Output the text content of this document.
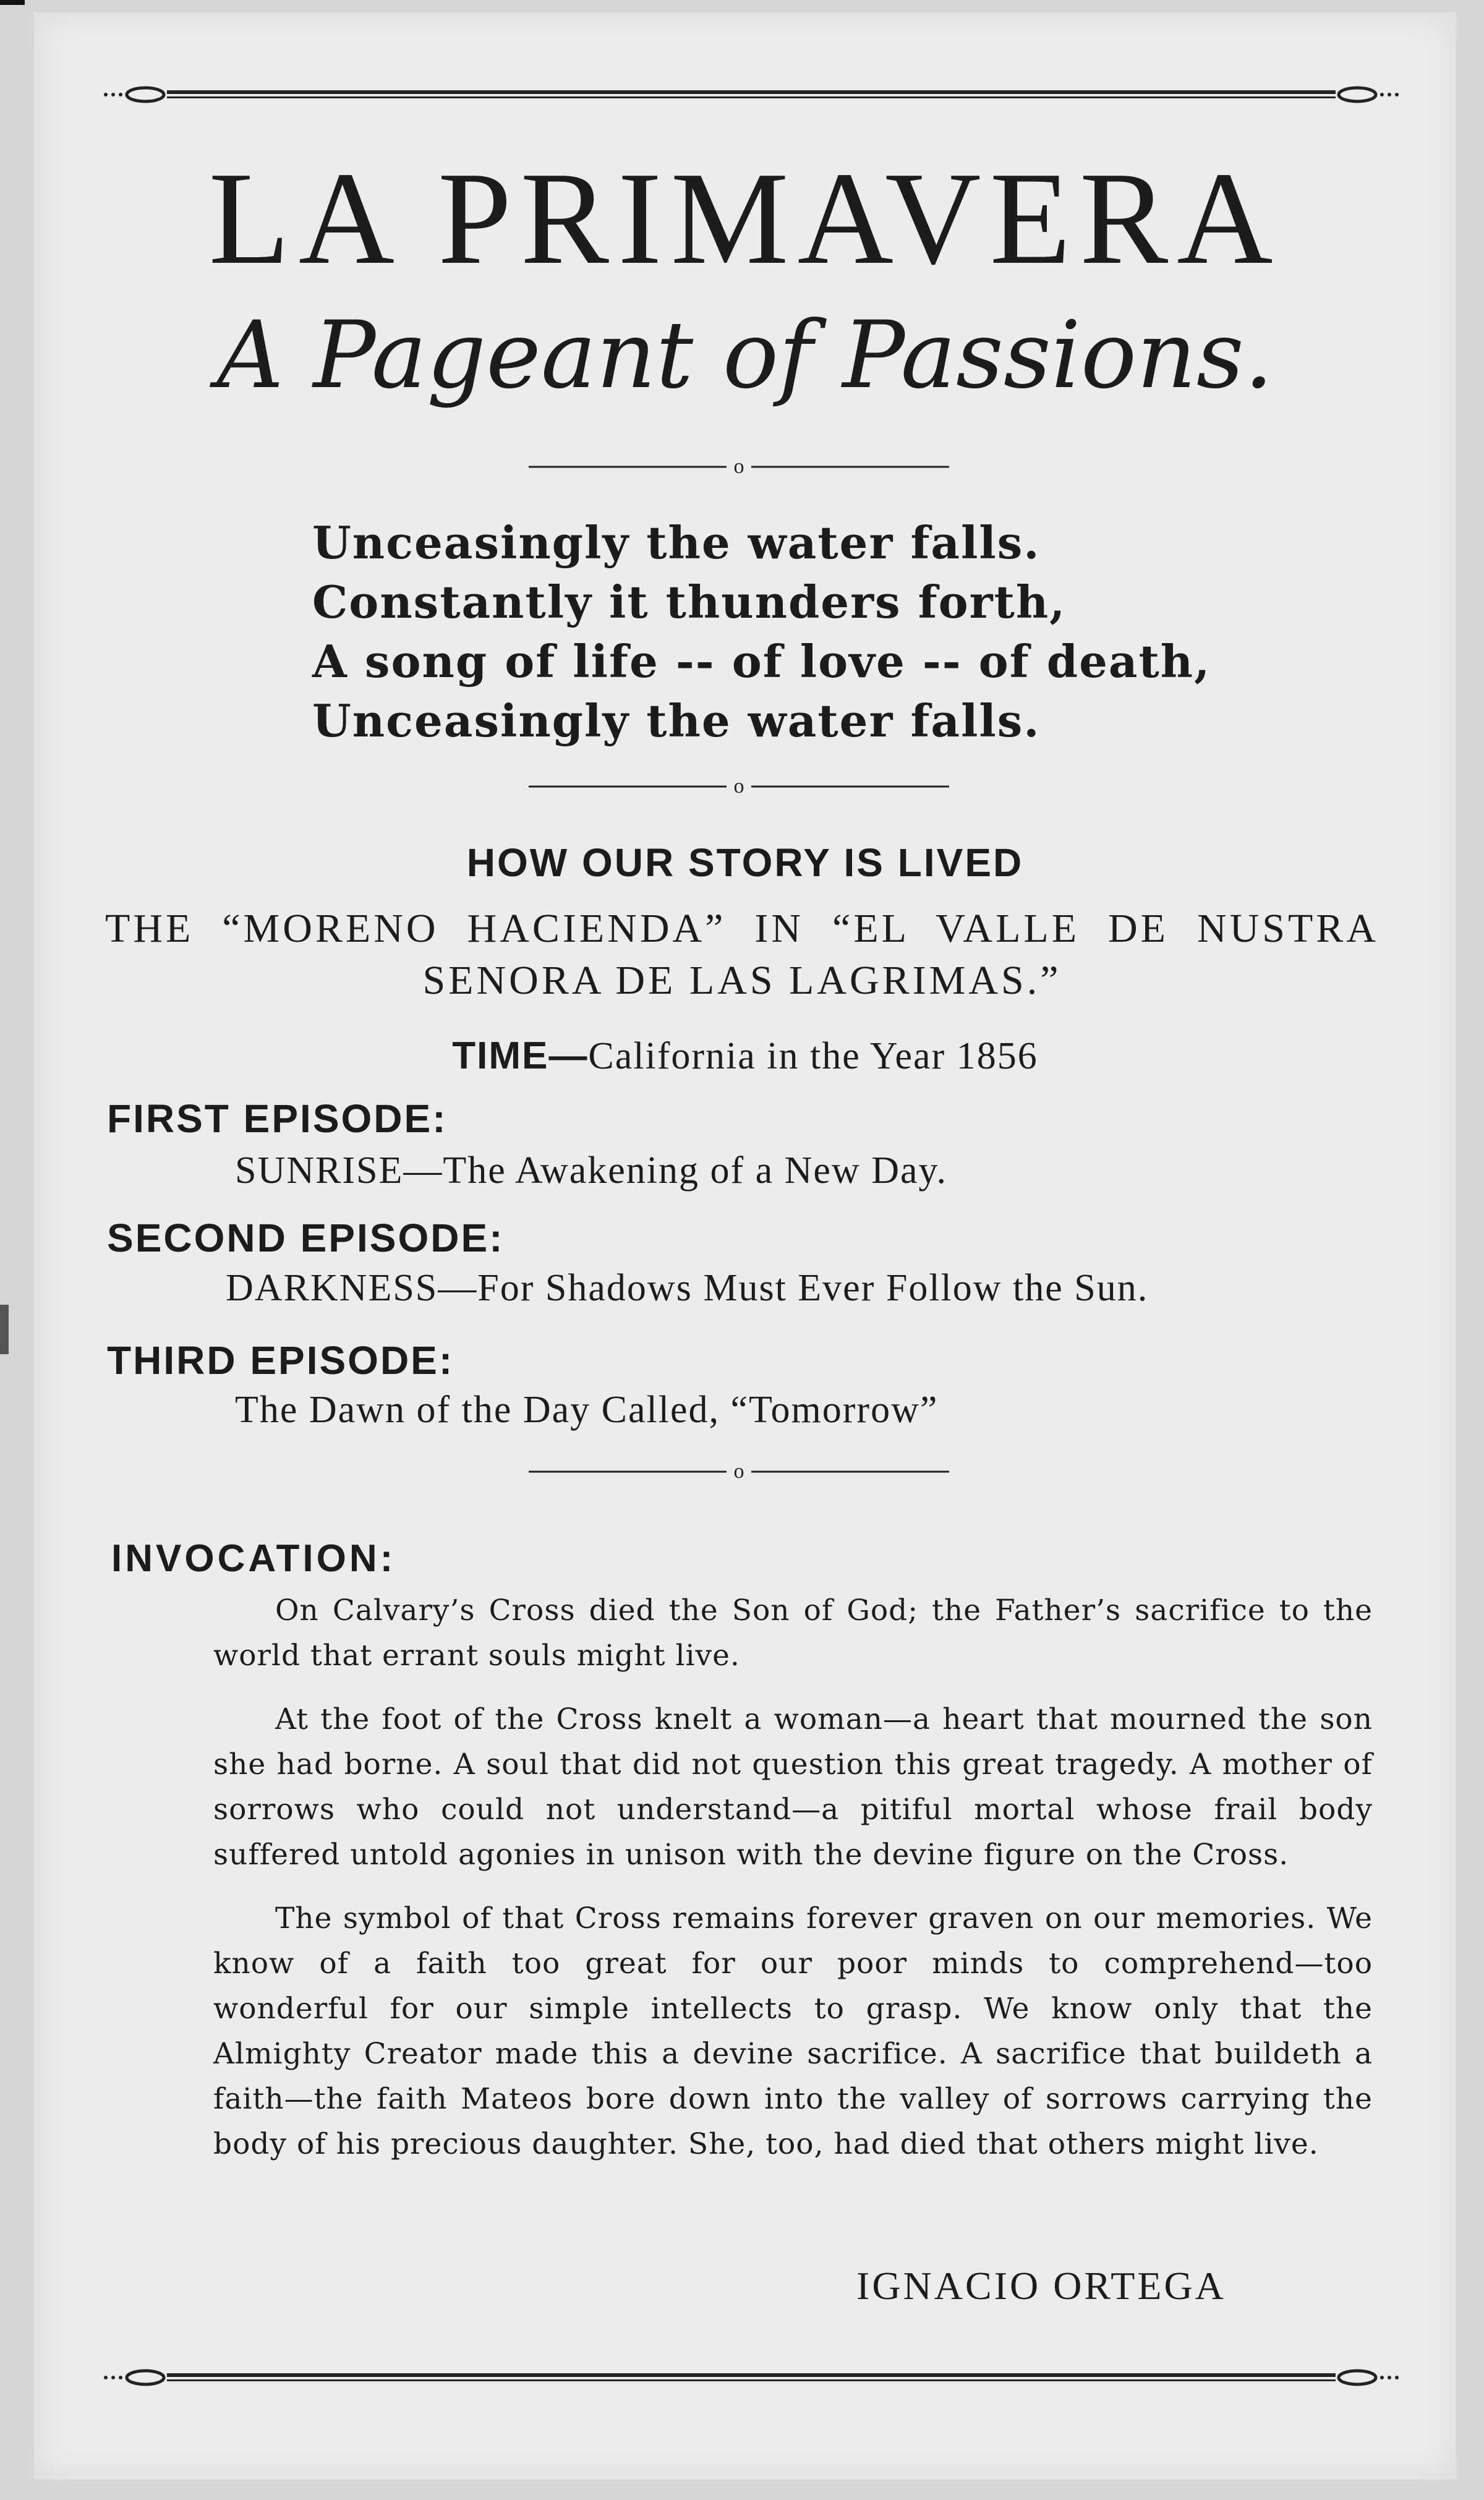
LA PRIMAVERA
A Pageant of Passions.
o
Unceasingly the water falls.
Constantly it thunders forth,
A song of life -- of love -- of death,
Unceasingly the water falls.
o
HOW OUR STORY IS LIVED
THE “MORENO HACIENDA” IN “EL VALLE DE NUSTRA SENORA DE LAS LAGRIMAS.”
TIME—California in the Year 1856
FIRST EPISODE:
SUNRISE—The Awakening of a New Day.
SECOND EPISODE:
DARKNESS—For Shadows Must Ever Follow the Sun.
THIRD EPISODE:
The Dawn of the Day Called, “Tomorrow”
o
INVOCATION:

On Calvary’s Cross died the Son of God; the Father’s sacrifice to the world that errant souls might live.

At the foot of the Cross knelt a woman—a heart that mourned the son she had borne. A soul that did not question this great tragedy. A mother of sorrows who could not understand—a pitiful mortal whose frail body suffered untold agonies in unison with the devine figure on the Cross.

The symbol of that Cross remains forever graven on our memories. We know of a faith too great for our poor minds to comprehend—too wonderful for our simple intellects to grasp. We know only that the Almighty Creator made this a devine sacrifice. A sacrifice that buildeth a faith—the faith Mateos bore down into the valley of sorrows carrying the body of his precious daughter. She, too, had died that others might live.

IGNACIO ORTEGA
